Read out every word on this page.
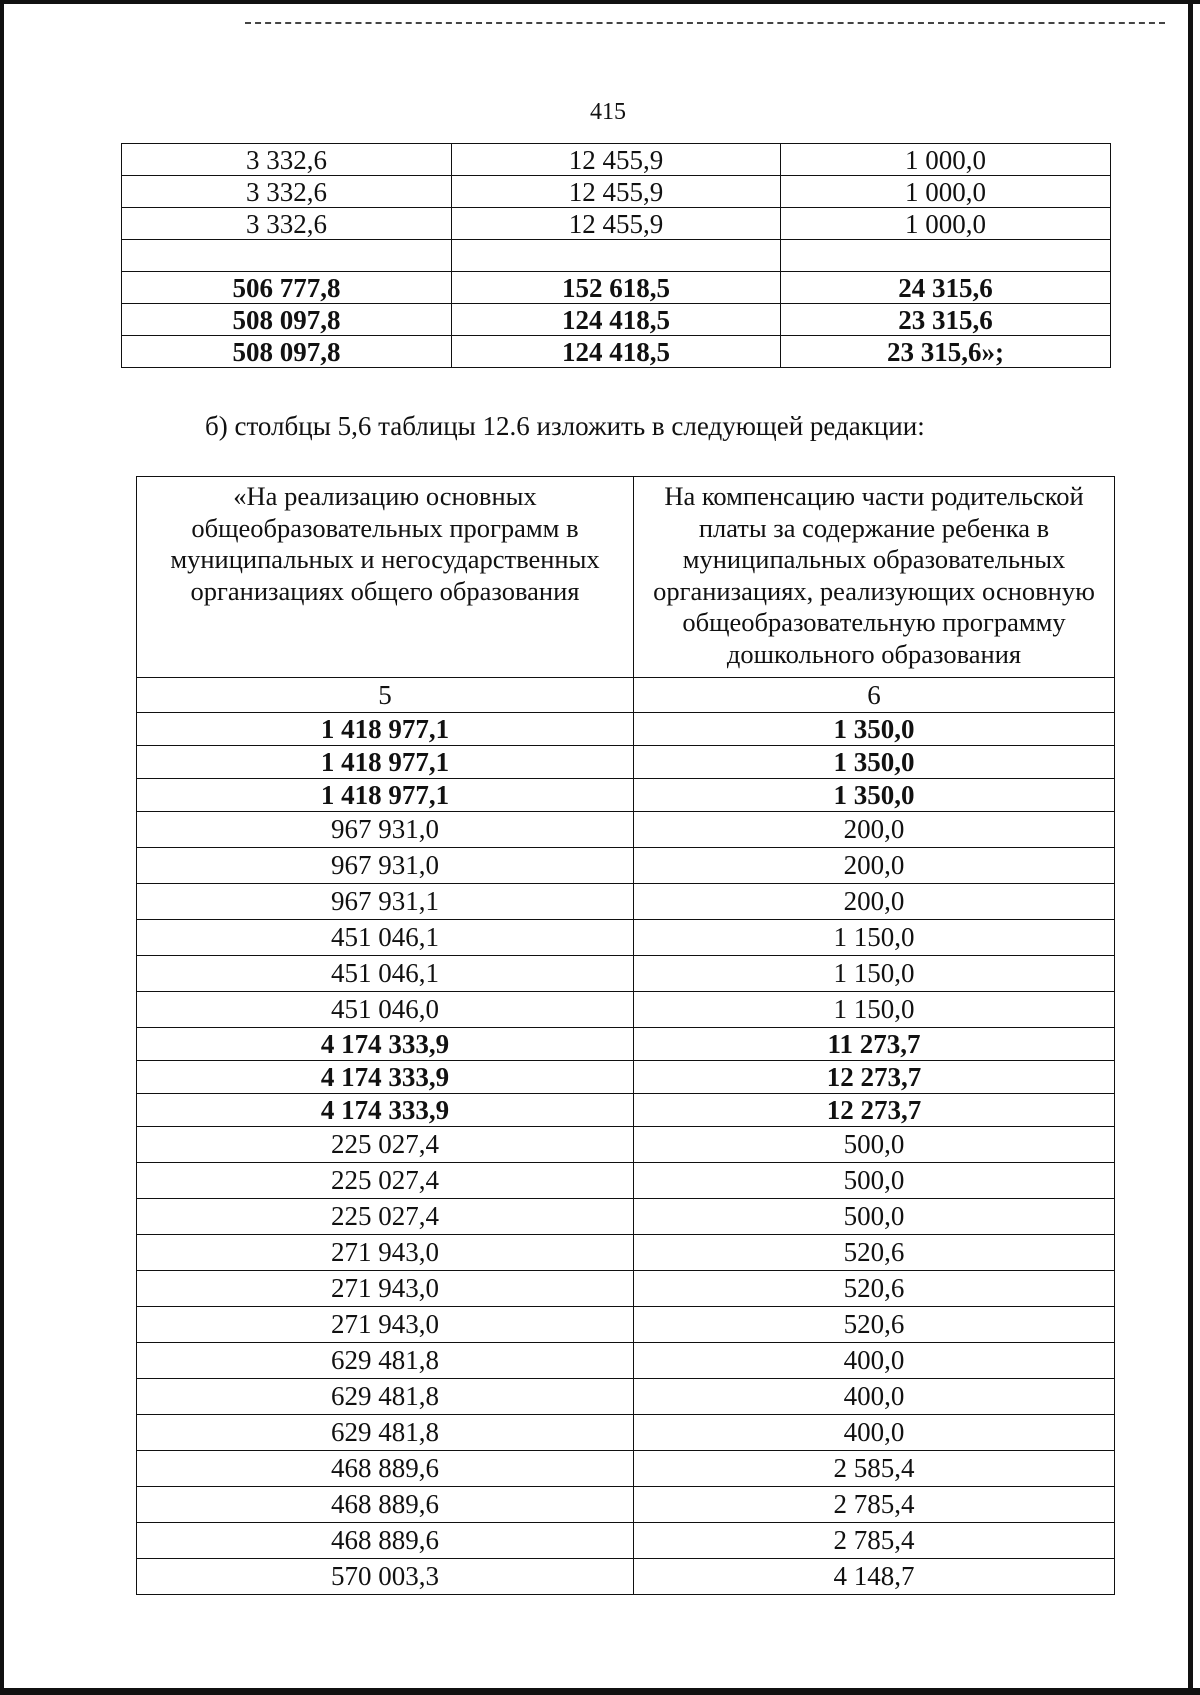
415
3 332,6	12 455,9	1 000,0
3 332,6	12 455,9	1 000,0
3 332,6	12 455,9	1 000,0

506 777,8	152 618,5	24 315,6
508 097,8	124 418,5	23 315,6
508 097,8	124 418,5	23 315,6»;
б) столбцы 5,6 таблицы 12.6 изложить в следующей редакции:
«На реализацию основных общеобразовательных программ в муниципальных и негосударственных организациях общего образования	На компенсацию части родительской платы за содержание ребенка в муниципальных образовательных организациях, реализующих основную общеобразовательную программу дошкольного образования
5	6
1 418 977,1	1 350,0
1 418 977,1	1 350,0
1 418 977,1	1 350,0
967 931,0	200,0
967 931,0	200,0
967 931,1	200,0
451 046,1	1 150,0
451 046,1	1 150,0
451 046,0	1 150,0
4 174 333,9	11 273,7
4 174 333,9	12 273,7
4 174 333,9	12 273,7
225 027,4	500,0
225 027,4	500,0
225 027,4	500,0
271 943,0	520,6
271 943,0	520,6
271 943,0	520,6
629 481,8	400,0
629 481,8	400,0
629 481,8	400,0
468 889,6	2 585,4
468 889,6	2 785,4
468 889,6	2 785,4
570 003,3	4 148,7
